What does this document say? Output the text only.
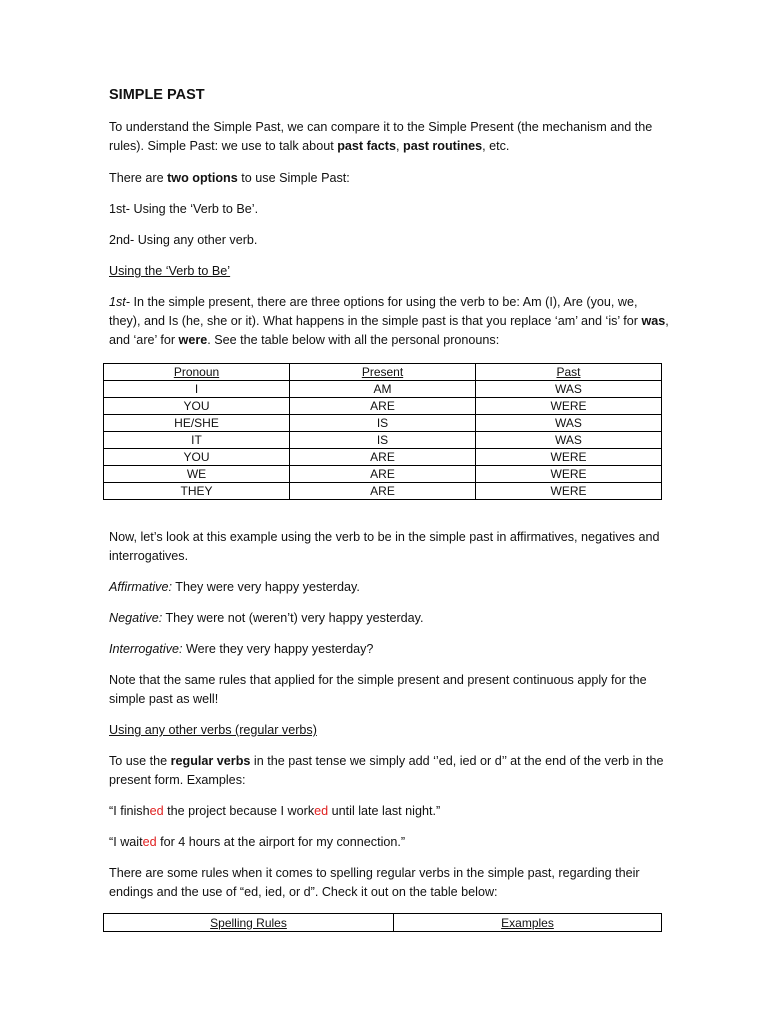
SIMPLE PAST

To understand the Simple Past, we can compare it to the Simple Present (the mechanism and the rules). Simple Past: we use to talk about past facts, past routines, etc.

There are two options to use Simple Past:

1st- Using the ‘Verb to Be’.

2nd- Using any other verb.

Using the ‘Verb to Be’

1st- In the simple present, there are three options for using the verb to be: Am (I), Are (you, we, they), and Is (he, she or it). What happens in the simple past is that you replace ‘am’ and ‘is’ for was, and ‘are’ for were. See the table below with all the personal pronouns:

Pronoun	Present	Past
I	AM	WAS
YOU	ARE	WERE
HE/SHE	IS	WAS
IT	IS	WAS
YOU	ARE	WERE
WE	ARE	WERE
THEY	ARE	WERE

Now, let’s look at this example using the verb to be in the simple past in affirmatives, negatives and interrogatives.

Affirmative: They were very happy yesterday.

Negative: They were not (weren’t) very happy yesterday.

Interrogative: Were they very happy yesterday?

Note that the same rules that applied for the simple present and present continuous apply for the simple past as well!

Using any other verbs (regular verbs)

To use the regular verbs in the past tense we simply add ‘’ed, ied or d’’ at the end of the verb in the present form. Examples:

“I finished the project because I worked until late last night.”

“I waited for 4 hours at the airport for my connection.”

There are some rules when it comes to spelling regular verbs in the simple past, regarding their endings and the use of “ed, ied, or d”. Check it out on the table below:

Spelling Rules	Examples
